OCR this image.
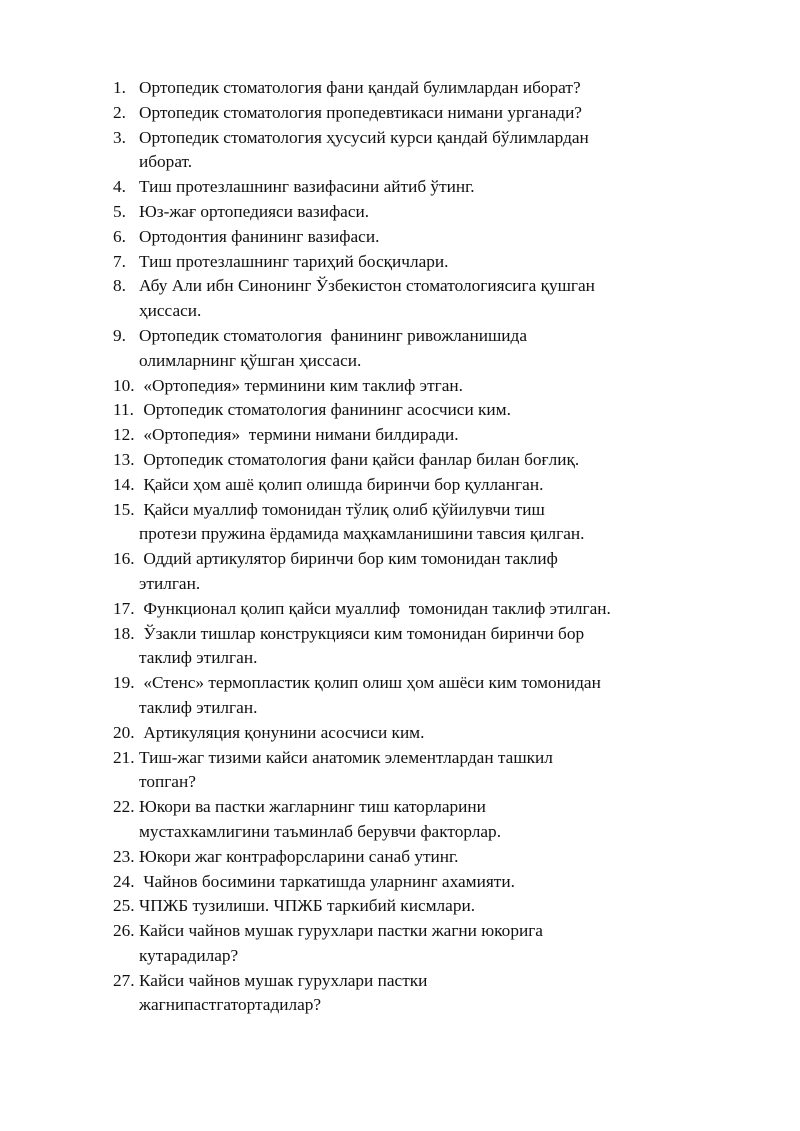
1. Ортопедик стоматология фани қандай булимлардан иборат?
2. Ортопедик стоматология пропедевтикаси нимани урганади?
3. Ортопедик стоматология ҳусусий курси қандай бўлимлардан
иборат.
4. Тиш протезлашнинг вазифасини айтиб ўтинг.
5. Юз-жағ ортопедияси вазифаси.
6. Ортодонтия фанининг вазифаси.
7. Тиш протезлашнинг тариҳий босқичлари.
8. Абу Али ибн Синонинг Ўзбекистон стоматологиясига қушган
ҳиссаси.
9. Ортопедик стоматология  фанининг ривожланишида
олимларнинг қўшган ҳиссаси.
10. «Ортопедия» терминини ким таклиф этган.
11. Ортопедик стоматология фанининг асосчиси ким.
12. «Ортопедия»  термини нимани билдиради.
13. Ортопедик стоматология фани қайси фанлар билан боғлиқ.
14. Қайси ҳом ашё қолип олишда биринчи бор қулланган.
15. Қайси муаллиф томонидан тўлиқ олиб қўйилувчи тиш
протези пружина ёрдамида маҳкамланишини тавсия қилган.
16. Оддий артикулятор биринчи бор ким томонидан таклиф
этилган.
17. Функционал қолип қайси муаллиф  томонидан таклиф этилган.
18. Ўзакли тишлар конструкцияси ким томонидан биринчи бор
таклиф этилган.
19. «Стенс» термопластик қолип олиш ҳом ашёси ким томонидан
таклиф этилган.
20. Артикуляция қонунини асосчиси ким.
21. Тиш-жаг тизими кайси анатомик элементлардан ташкил
топган?
22. Юкори ва пастки жагларнинг тиш каторларини
мустахкамлигини таъминлаб берувчи факторлар.
23. Юкори жаг контрафорсларини санаб утинг.
24. Чайнов босимини таркатишда уларнинг ахамияти.
25. ЧПЖБ тузилиши. ЧПЖБ таркибий кисмлари.
26. Кайси чайнов мушак гурухлари пастки жагни юкорига
кутарадилар?
27. Кайси чайнов мушак гурухлари пастки
жагнипастгатортадилар?
